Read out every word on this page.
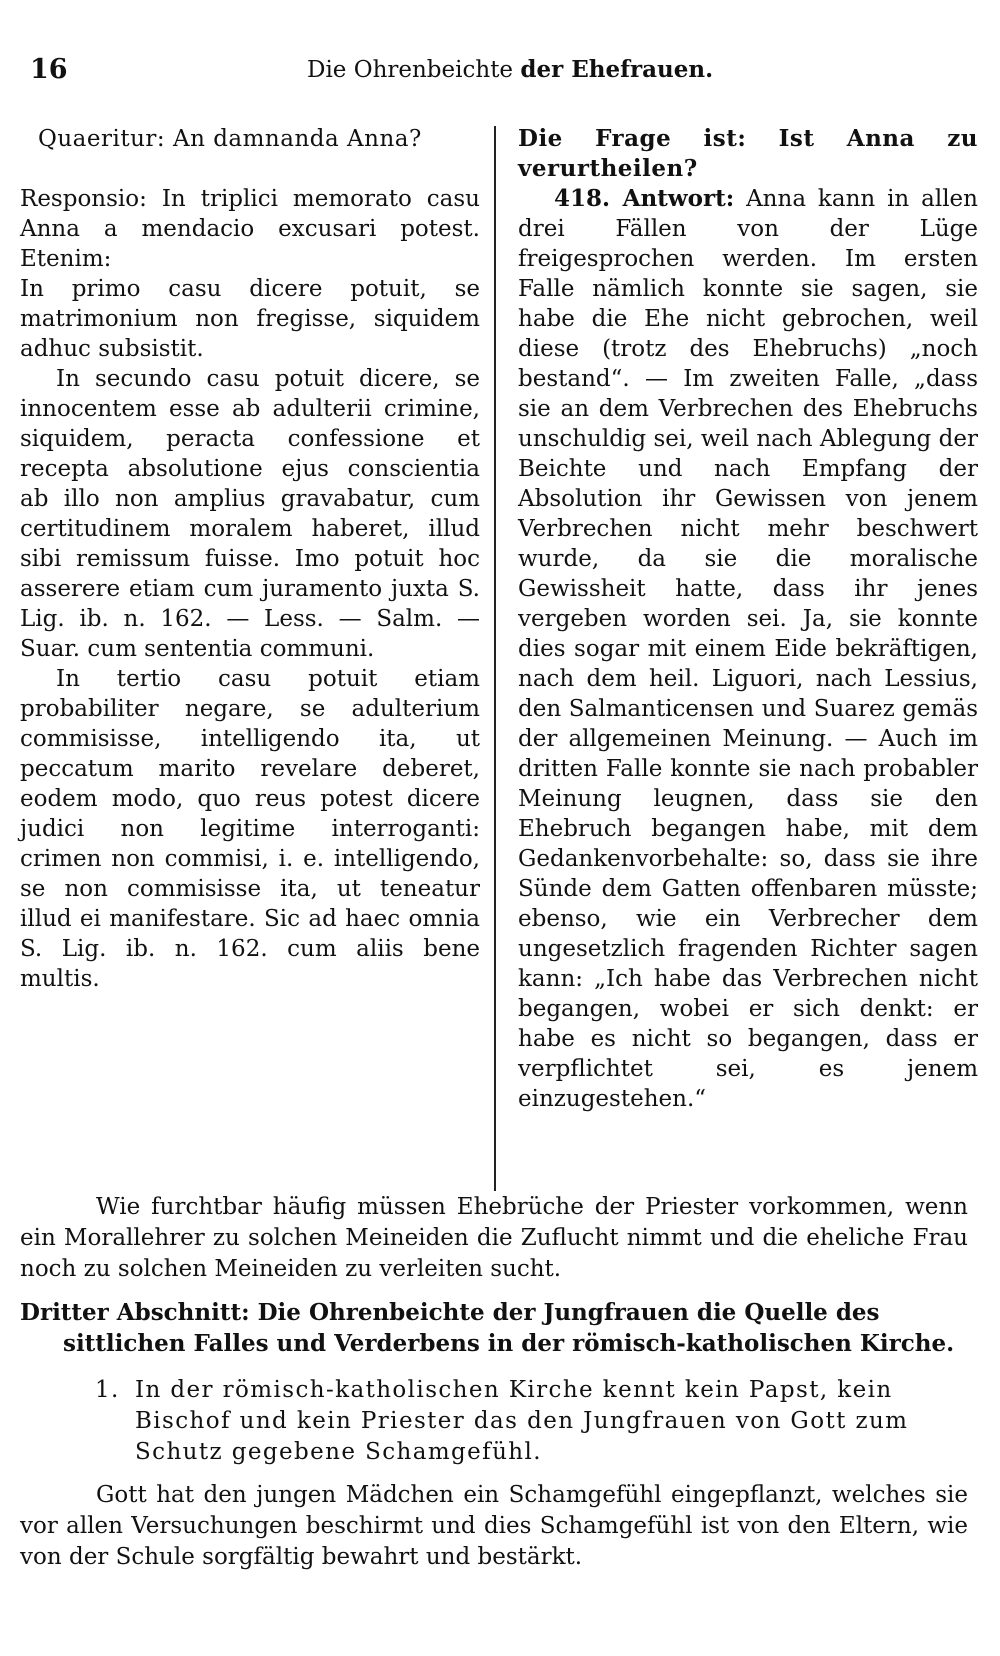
16	Die Ohrenbeichte der Ehefrauen.

Quaeritur: An damnanda Anna?

Responsio: In triplici memorato casu Anna a mendacio excusari potest. Etenim:

In primo casu dicere potuit, se matrimonium non fregisse, siquidem adhuc subsistit.

In secundo casu potuit dicere, se innocentem esse ab adulterii crimine, siquidem, peracta confessione et recepta absolutione ejus conscientia ab illo non amplius gravabatur, cum certitudinem moralem haberet, illud sibi remissum fuisse. Imo potuit hoc asserere etiam cum juramento juxta S. Lig. ib. n. 162. — Less. — Salm. — Suar. cum sententia communi.

In tertio casu potuit etiam probabiliter negare, se adulterium commisisse, intelligendo ita, ut peccatum marito revelare deberet, eodem modo, quo reus potest dicere judici non legitime interroganti: crimen non commisi, i. e. intelligendo, se non commisisse ita, ut teneatur illud ei manifestare. Sic ad haec omnia S. Lig. ib. n. 162. cum aliis bene multis.

Die Frage ist: Ist Anna zu verurtheilen?

418. Antwort: Anna kann in allen drei Fällen von der Lüge freigesprochen werden. Im ersten Falle nämlich konnte sie sagen, sie habe die Ehe nicht gebrochen, weil diese (trotz des Ehebruchs) „noch bestand“. — Im zweiten Falle, „dass sie an dem Verbrechen des Ehebruchs unschuldig sei, weil nach Ablegung der Beichte und nach Empfang der Absolution ihr Gewissen von jenem Verbrechen nicht mehr beschwert wurde, da sie die moralische Gewissheit hatte, dass ihr jenes vergeben worden sei. Ja, sie konnte dies sogar mit einem Eide bekräftigen, nach dem heil. Liguori, nach Lessius, den Salmanticensen und Suarez gemäs der allgemeinen Meinung. — Auch im dritten Falle konnte sie nach probabler Meinung leugnen, dass sie den Ehebruch begangen habe, mit dem Gedankenvorbehalte: so, dass sie ihre Sünde dem Gatten offenbaren müsste; ebenso, wie ein Verbrecher dem ungesetzlich fragenden Richter sagen kann: „Ich habe das Verbrechen nicht begangen, wobei er sich denkt: er habe es nicht so begangen, dass er verpflichtet sei, es jenem einzugestehen.“

Wie furchtbar häufig müssen Ehebrüche der Priester vorkommen, wenn ein Morallehrer zu solchen Meineiden die Zuflucht nimmt und die eheliche Frau noch zu solchen Meineiden zu verleiten sucht.

Dritter Abschnitt: Die Ohrenbeichte der Jungfrauen die Quelle des sittlichen Falles und Verderbens in der römisch-katholischen Kirche.

1. In der römisch-katholischen Kirche kennt kein Papst, kein Bischof und kein Priester das den Jungfrauen von Gott zum Schutz gegebene Schamgefühl.

Gott hat den jungen Mädchen ein Schamgefühl eingepflanzt, welches sie vor allen Versuchungen beschirmt und dies Schamgefühl ist von den Eltern, wie von der Schule sorgfältig bewahrt und bestärkt.
